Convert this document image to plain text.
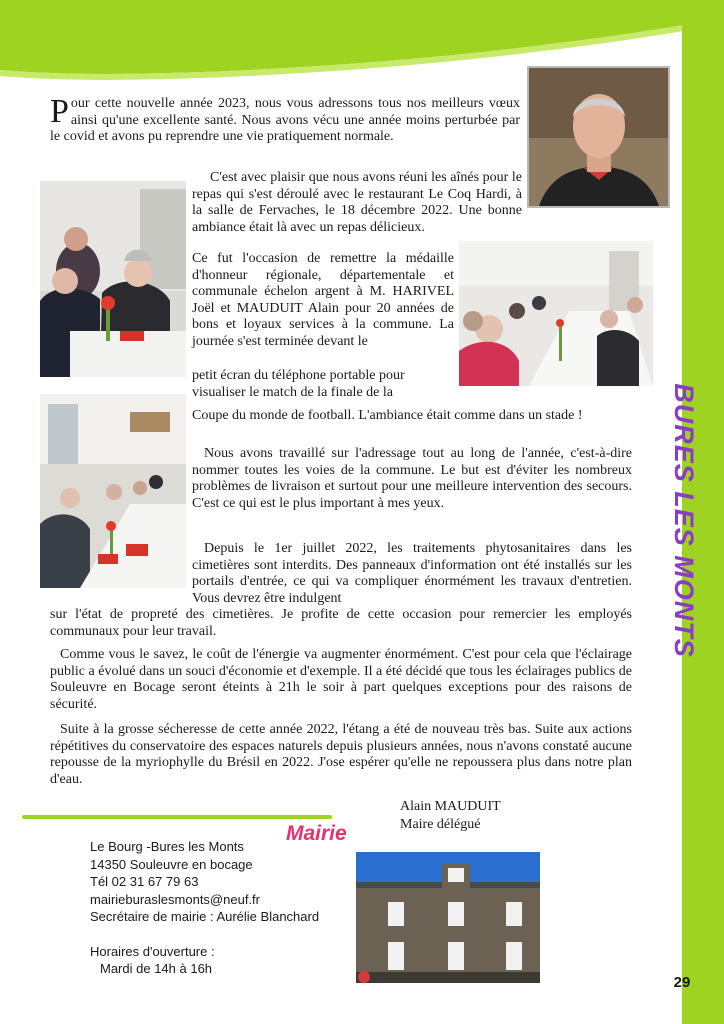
BURES LES MONTS
Pour cette nouvelle année 2023, nous vous adressons tous nos meilleurs vœux ainsi qu'une excellente santé. Nous avons vécu une année moins perturbée par le covid et avons pu reprendre une vie pratiquement normale.

C'est avec plaisir que nous avons réuni les aînés pour le repas qui s'est déroulé avec le restaurant Le Coq Hardi, à la salle de Fervaches, le 18 décembre 2022. Une bonne ambiance était là avec un repas délicieux.

Ce fut l'occasion de remettre la médaille d'honneur régionale, départementale et communale échelon argent à M. HARIVEL Joël et MAUDUIT Alain pour 20 années de bons et loyaux services à la commune. La journée s'est terminée devant le

petit écran du téléphone portable pour visualiser le match de la finale de la

Coupe du monde de football. L'ambiance était comme dans un stade !

Nous avons travaillé sur l'adressage tout au long de l'année, c'est-à-dire nommer toutes les voies de la commune. Le but est d'éviter les nombreux problèmes de livraison et surtout pour une meilleure intervention des secours. C'est ce qui est le plus important à mes yeux.

Depuis le 1er juillet 2022, les traitements phytosanitaires dans les cimetières sont interdits. Des panneaux d'information ont été installés sur les portails d'entrée, ce qui va compliquer énormément les travaux d'entretien. Vous devrez être indulgent

sur l'état de propreté des cimetières. Je profite de cette occasion pour remercier les employés communaux pour leur travail.

Comme vous le savez, le coût de l'énergie va augmenter énormément. C'est pour cela que l'éclairage public a évolué dans un souci d'économie et d'exemple. Il a été décidé que tous les éclairages publics de Souleuvre en Bocage seront éteints à 21h le soir à part quelques exceptions pour des raisons de sécurité.

Suite à la grosse sécheresse de cette année 2022, l'étang a été de nouveau très bas. Suite aux actions répétitives du conservatoire des espaces naturels depuis plusieurs années, nous n'avons constaté aucune repousse de la myriophylle du Brésil en 2022. J'ose espérer qu'elle ne repoussera plus dans notre plan d'eau.

Alain MAUDUIT
Maire délégué
Mairie
Le Bourg -Bures les Monts
14350 Souleuvre en bocage
Tél 02 31 67 79 63
mairieburaslesmonts@neuf.fr
Secrétaire de mairie : Aurélie Blanchard
Horaires d'ouverture :
Mardi de 14h à 16h
29
